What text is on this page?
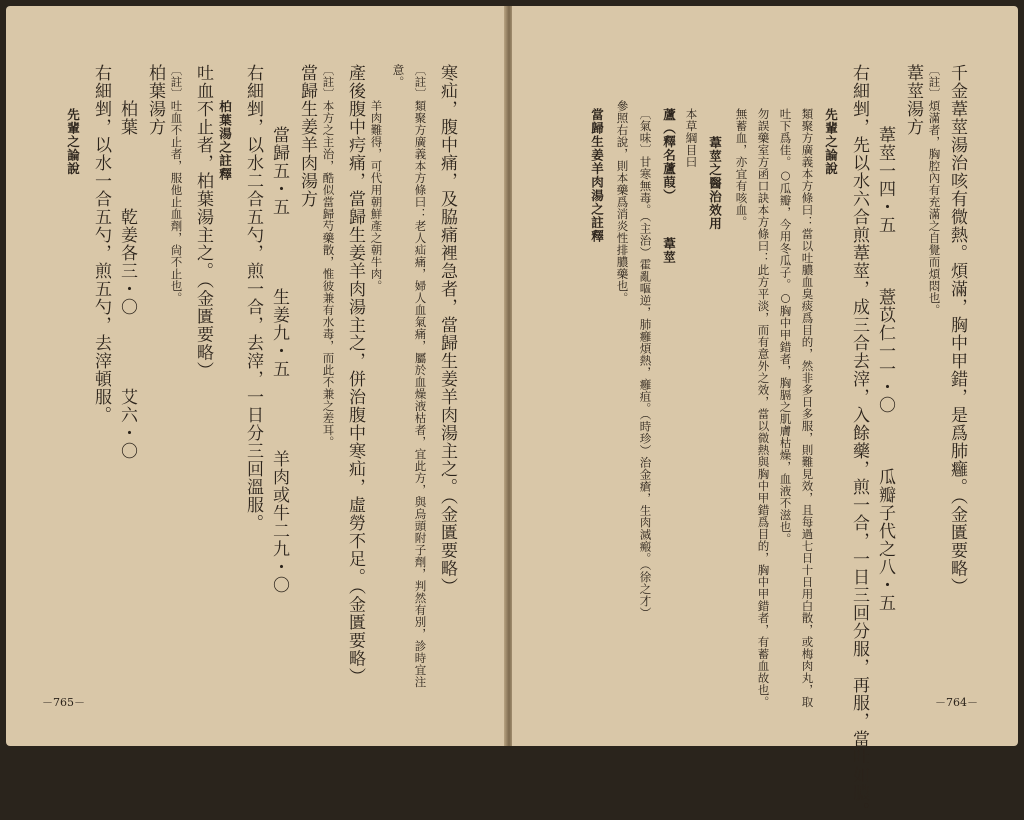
寒疝，腹中痛，及脇痛裡急者，當歸生姜羊肉湯主之。（金匱要略）
〔註〕類聚方廣義本方條曰：老人疝痛，婦人血氣痛，屬於血燥液枯者，宜此方，與烏頭附子劑，判然有別，診時宜注
意。
羊肉難得，可代用朝鮮產之朝牛肉。
產後腹中疞痛，當歸生姜羊肉湯主之，併治腹中寒疝，虛勞不足。（金匱要略）
〔註〕本方之主治，酷似當歸芍藥散，惟彼兼有水毒，而此不兼之差耳。
當歸生姜羊肉湯方
當歸五・五　　　　生姜九・五　　　　羊肉或牛二九・〇
右細剉，以水二合五勺，煎一合，去滓，一日分三回溫服。
柏葉湯之註釋
吐血不止者，柏葉湯主之。（金匱要略）
〔註〕吐血不止者，服他止血劑，尙不止也。
柏葉湯方
柏葉　　　　乾姜各三・〇　　　　艾六・〇
右細剉，以水一合五勺，煎五勺，去滓頓服。
先輩之論說
－765－
千金葦莖湯治咳有微熱。煩滿，胸中甲錯，是爲肺癰。（金匱要略）
〔註〕煩滿者，胸腔內有充滿之自覺而煩悶也。
葦莖湯方
葦莖一四・五　　　薏苡仁一一・〇　　　瓜瓣子代之八・五
右細剉，先以水六合煎葦莖，成三合去滓，入餘藥，煎一合，一日三回分服，再服，當吐如膿。
先輩之論說
類聚方廣義本方條曰：當以吐膿血臭痰爲目的，然非多日多服，則難見效，且每過七日十日用白散，或梅肉丸，取
吐下爲佳。○瓜瓣，今用冬瓜子。○胸中甲錯者，胸膈之肌膚枯燥，血液不滋也。
勿誤藥室方函口訣本方條曰：此方平淡，而有意外之效，當以微熱與胸中甲錯爲目的，胸中甲錯者，有蓄血故也。
無蓄血，亦宜有咳血。
葦莖之醫治效用
本草綱目曰
蘆（釋名蘆葭）　　　葦莖
〔氣味〕甘寒無毒。（主治）霍亂嘔逆，肺癰煩熱，癰疽。（時珍）治金瘡，生肉滅瘢。（徐之才）
參照右說，則本藥爲消炎性排膿藥也。
當歸生姜羊肉湯之註釋
－764－
